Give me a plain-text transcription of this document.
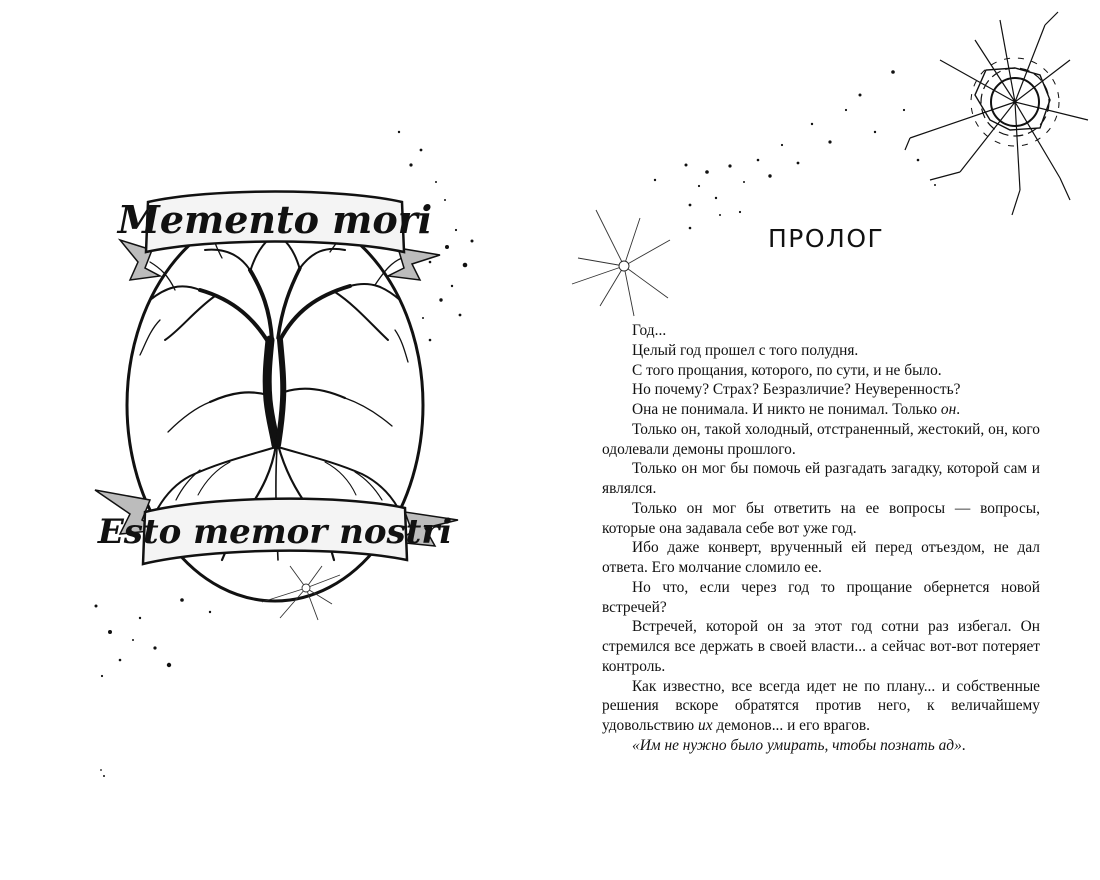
Memento mori
Esto memor nostri
ПРОЛОГ

Год...

Целый год прошел с того полудня.

С того прощания, которого, по сути, и не было.

Но почему? Страх? Безразличие? Неуверенность?

Она не понимала. И никто не понимал. Только он.

Только он, такой холодный, отстраненный, жестокий, он, кого одолевали демоны прошлого.

Только он мог бы помочь ей разгадать загадку, которой сам и являлся.

Только он мог бы ответить на ее вопросы — вопросы, которые она задавала себе вот уже год.

Ибо даже конверт, врученный ей перед отъездом, не дал ответа. Его молчание сломило ее.

Но что, если через год то прощание обернется новой встречей?

Встречей, которой он за этот год сотни раз избегал. Он стремился все держать в своей власти... а сейчас вот-вот потеряет контроль.

Как известно, все всегда идет не по плану... и собственные решения вскоре обратятся против него, к величайшему удовольствию их демонов... и его врагов.

«Им не нужно было умирать, чтобы познать ад».
